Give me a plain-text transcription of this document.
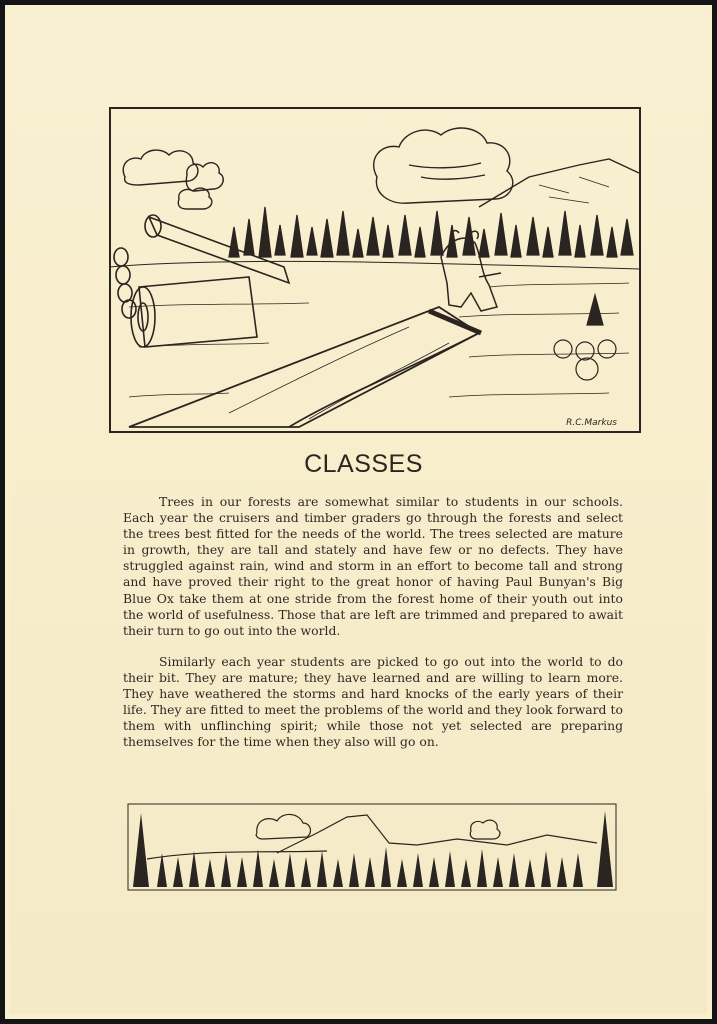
R.C.Markus
CLASSES

Trees in our forests are somewhat similar to students in our schools. Each year the cruisers and timber graders go through the forests and select the trees best fitted for the needs of the world. The trees selected are mature in growth, they are tall and stately and have few or no defects. They have struggled against rain, wind and storm in an effort to become tall and strong and have proved their right to the great honor of having Paul Bunyan's Big Blue Ox take them at one stride from the forest home of their youth out into the world of usefulness. Those that are left are trimmed and prepared to await their turn to go out into the world.

Similarly each year students are picked to go out into the world to do their bit. They are mature; they have learned and are willing to learn more. They have weathered the storms and hard knocks of the early years of their life. They are fitted to meet the problems of the world and they look forward to them with unflinching spirit; while those not yet selected are preparing themselves for the time when they also will go on.
